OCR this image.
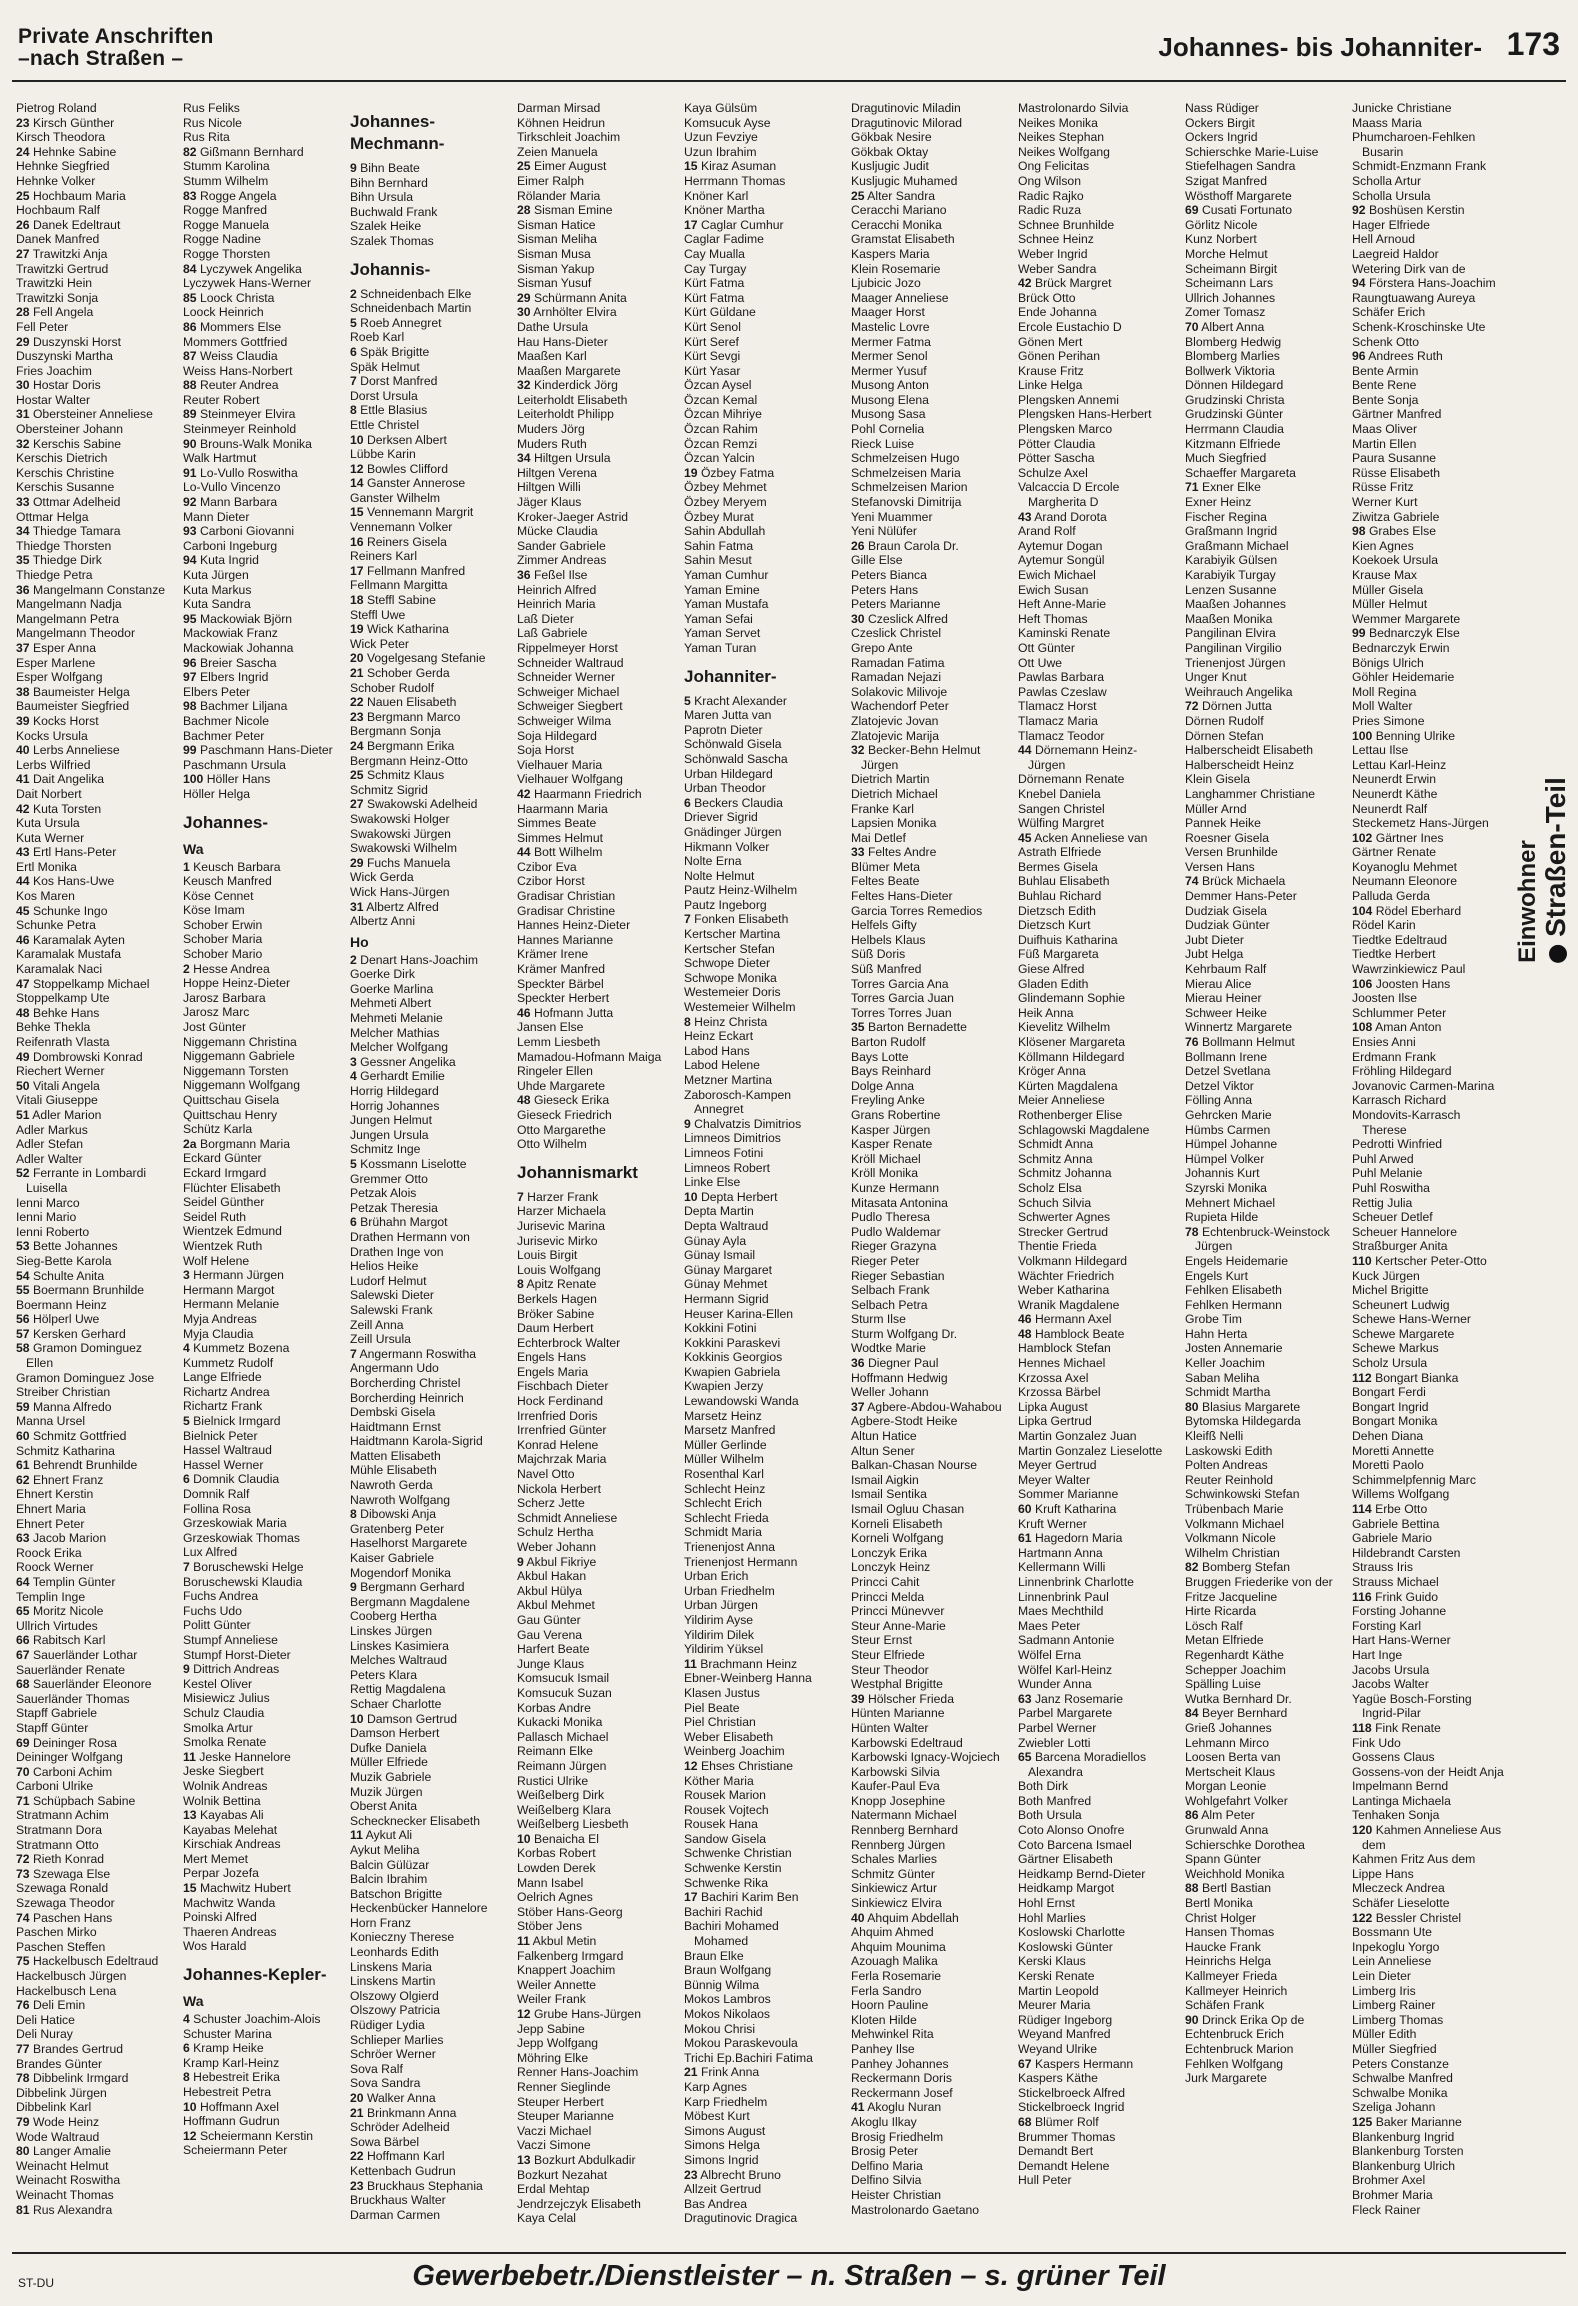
Private Anschriften
–nach Straßen –	Johannes- bis Johanniter- 173
Pietrog Roland
23 Kirsch Günther
Kirsch Theodora
24 Hehnke Sabine
Hehnke Siegfried
Hehnke Volker
25 Hochbaum Maria
Hochbaum Ralf
26 Danek Edeltraut
Danek Manfred
27 Trawitzki Anja
Trawitzki Gertrud
Trawitzki Hein
Trawitzki Sonja
28 Fell Angela
Fell Peter
29 Duszynski Horst
Duszynski Martha
Fries Joachim
30 Hostar Doris
Hostar Walter
31 Obersteiner Anneliese
Obersteiner Johann
32 Kerschis Sabine
Kerschis Dietrich
Kerschis Christine
Kerschis Susanne
33 Ottmar Adelheid
Ottmar Helga
34 Thiedge Tamara
Thiedge Thorsten
35 Thiedge Dirk
Thiedge Petra
36 Mangelmann Constanze
Mangelmann Nadja
Mangelmann Petra
Mangelmann Theodor
37 Esper Anna
Esper Marlene
Esper Wolfgang
38 Baumeister Helga
Baumeister Siegfried
39 Kocks Horst
Kocks Ursula
40 Lerbs Anneliese
Lerbs Wilfried
41 Dait Angelika
Dait Norbert
42 Kuta Torsten
Kuta Ursula
Kuta Werner
43 Ertl Hans-Peter
Ertl Monika
44 Kos Hans-Uwe
Kos Maren
45 Schunke Ingo
Schunke Petra
46 Karamalak Ayten
Karamalak Mustafa
Karamalak Naci
47 Stoppelkamp Michael
Stoppelkamp Ute
48 Behke Hans
Behke Thekla
Reifenrath Vlasta
49 Dombrowski Konrad
Riechert Werner
50 Vitali Angela
Vitali Giuseppe
51 Adler Marion
Adler Markus
Adler Stefan
Adler Walter
52 Ferrante in Lombardi
Luisella
Ienni Marco
Ienni Mario
Ienni Roberto
53 Bette Johannes
Sieg-Bette Karola
54 Schulte Anita
55 Boermann Brunhilde
Boermann Heinz
56 Hölperl Uwe
57 Kersken Gerhard
58 Gramon Dominguez
Ellen
Gramon Dominguez Jose
Streiber Christian
59 Manna Alfredo
Manna Ursel
60 Schmitz Gottfried
Schmitz Katharina
61 Behrendt Brunhilde
62 Ehnert Franz
Ehnert Kerstin
Ehnert Maria
Ehnert Peter
63 Jacob Marion
Roock Erika
Roock Werner
64 Templin Günter
Templin Inge
65 Moritz Nicole
Ullrich Virtudes
66 Rabitsch Karl
67 Sauerländer Lothar
Sauerländer Renate
68 Sauerländer Eleonore
Sauerländer Thomas
Stapff Gabriele
Stapff Günter
69 Deininger Rosa
Deininger Wolfgang
70 Carboni Achim
Carboni Ulrike
71 Schüpbach Sabine
Stratmann Achim
Stratmann Dora
Stratmann Otto
72 Rieth Konrad
73 Szewaga Else
Szewaga Ronald
Szewaga Theodor
74 Paschen Hans
Paschen Mirko
Paschen Steffen
75 Hackelbusch Edeltraud
Hackelbusch Jürgen
Hackelbusch Lena
76 Deli Emin
Deli Hatice
Deli Nuray
77 Brandes Gertrud
Brandes Günter
78 Dibbelink Irmgard
Dibbelink Jürgen
Dibbelink Karl
79 Wode Heinz
Wode Waltraud
80 Langer Amalie
Weinacht Helmut
Weinacht Roswitha
Weinacht Thomas
81 Rus Alexandra
Rus Feliks
Rus Nicole
Rus Rita
82 Gißmann Bernhard
Stumm Karolina
Stumm Wilhelm
83 Rogge Angela
Rogge Manfred
Rogge Manuela
Rogge Nadine
Rogge Thorsten
84 Lyczywek Angelika
Lyczywek Hans-Werner
85 Loock Christa
Loock Heinrich
86 Mommers Else
Mommers Gottfried
87 Weiss Claudia
Weiss Hans-Norbert
88 Reuter Andrea
Reuter Robert
89 Steinmeyer Elvira
Steinmeyer Reinhold
90 Brouns-Walk Monika
Walk Hartmut
91 Lo-Vullo Roswitha
Lo-Vullo Vincenzo
92 Mann Barbara
Mann Dieter
93 Carboni Giovanni
Carboni Ingeburg
94 Kuta Ingrid
Kuta Jürgen
Kuta Markus
Kuta Sandra
95 Mackowiak Björn
Mackowiak Franz
Mackowiak Johanna
96 Breier Sascha
97 Elbers Ingrid
Elbers Peter
98 Bachmer Liljana
Bachmer Nicole
Bachmer Peter
99 Paschmann Hans-Dieter
Paschmann Ursula
100 Höller Hans
Höller Helga
Johannes-
Wa
1 Keusch Barbara
Keusch Manfred
Köse Cennet
Köse Imam
Schober Erwin
Schober Maria
Schober Mario
2 Hesse Andrea
Hoppe Heinz-Dieter
Jarosz Barbara
Jarosz Marc
Jost Günter
Niggemann Christina
Niggemann Gabriele
Niggemann Torsten
Niggemann Wolfgang
Quittschau Gisela
Quittschau Henry
Schütz Karla
2a Borgmann Maria
Eckard Günter
Eckard Irmgard
Flüchter Elisabeth
Seidel Günther
Seidel Ruth
Wientzek Edmund
Wientzek Ruth
Wolf Helene
3 Hermann Jürgen
Hermann Margot
Hermann Melanie
Myja Andreas
Myja Claudia
4 Kummetz Bozena
Kummetz Rudolf
Lange Elfriede
Richartz Andrea
Richartz Frank
5 Bielnick Irmgard
Bielnick Peter
Hassel Waltraud
Hassel Werner
6 Domnik Claudia
Domnik Ralf
Follina Rosa
Grzeskowiak Maria
Grzeskowiak Thomas
Lux Alfred
7 Boruschewski Helge
Boruschewski Klaudia
Fuchs Andrea
Fuchs Udo
Politt Günter
Stumpf Anneliese
Stumpf Horst-Dieter
9 Dittrich Andreas
Kestel Oliver
Misiewicz Julius
Schulz Claudia
Smolka Artur
Smolka Renate
11 Jeske Hannelore
Jeske Siegbert
Wolnik Andreas
Wolnik Bettina
13 Kayabas Ali
Kayabas Melehat
Kirschiak Andreas
Mert Memet
Perpar Jozefa
15 Machwitz Hubert
Machwitz Wanda
Poinski Alfred
Thaeren Andreas
Wos Harald
Johannes-Kepler-
Wa
4 Schuster Joachim-Alois
Schuster Marina
6 Kramp Heike
Kramp Karl-Heinz
8 Hebestreit Erika
Hebestreit Petra
10 Hoffmann Axel
Hoffmann Gudrun
12 Scheiermann Kerstin
Scheiermann Peter
Johannes-Mechmann-
9 Bihn Beate
Bihn Bernhard
Bihn Ursula
Buchwald Frank
Szalek Heike
Szalek Thomas
Johannis-
2 Schneidenbach Elke
Schneidenbach Martin
5 Roeb Annegret
Roeb Karl
6 Späk Brigitte
Späk Helmut
7 Dorst Manfred
Dorst Ursula
8 Ettle Blasius
Ettle Christel
10 Derksen Albert
Lübbe Karin
12 Bowles Clifford
14 Ganster Annerose
Ganster Wilhelm
15 Vennemann Margrit
Vennemann Volker
16 Reiners Gisela
Reiners Karl
17 Fellmann Manfred
Fellmann Margitta
18 Steffl Sabine
Steffl Uwe
19 Wick Katharina
Wick Peter
20 Vogelgesang Stefanie
21 Schober Gerda
Schober Rudolf
22 Nauen Elisabeth
23 Bergmann Marco
Bergmann Sonja
24 Bergmann Erika
Bergmann Heinz-Otto
25 Schmitz Klaus
Schmitz Sigrid
27 Swakowski Adelheid
Swakowski Holger
Swakowski Jürgen
Swakowski Wilhelm
29 Fuchs Manuela
Wick Gerda
Wick Hans-Jürgen
31 Albertz Alfred
Albertz Anni
Ho
2 Denart Hans-Joachim
Goerke Dirk
Goerke Marlina
Mehmeti Albert
Mehmeti Melanie
Melcher Mathias
Melcher Wolfgang
3 Gessner Angelika
4 Gerhardt Emilie
Horrig Hildegard
Horrig Johannes
Jungen Helmut
Jungen Ursula
Schmitz Inge
5 Kossmann Liselotte
Gremmer Otto
Petzak Alois
Petzak Theresia
6 Brühahn Margot
Drathen Hermann von
Drathen Inge von
Helios Heike
Ludorf Helmut
Salewski Dieter
Salewski Frank
Zeill Anna
Zeill Ursula
7 Angermann Roswitha
Angermann Udo
Borcherding Christel
Borcherding Heinrich
Dembski Gisela
Haidtmann Ernst
Haidtmann Karola-Sigrid
Matten Elisabeth
Mühle Elisabeth
Nawroth Gerda
Nawroth Wolfgang
8 Dibowski Anja
Gratenberg Peter
Haselhorst Margarete
Kaiser Gabriele
Mogendorf Monika
9 Bergmann Gerhard
Bergmann Magdalene
Cooberg Hertha
Linskes Jürgen
Linskes Kasimiera
Melches Waltraud
Peters Klara
Rettig Magdalena
Schaer Charlotte
10 Damson Gertrud
Damson Herbert
Dufke Daniela
Müller Elfriede
Muzik Gabriele
Muzik Jürgen
Oberst Anita
Schecknecker Elisabeth
11 Aykut Ali
Aykut Meliha
Balcin Gülüzar
Balcin Ibrahim
Batschon Brigitte
Heckenbücker Hannelore
Horn Franz
Konieczny Therese
Leonhards Edith
Linskens Maria
Linskens Martin
Olszowy Olgierd
Olszowy Patricia
Rüdiger Lydia
Schlieper Marlies
Schröer Werner
Sova Ralf
Sova Sandra
20 Walker Anna
21 Brinkmann Anna
Schröder Adelheid
Sowa Bärbel
22 Hoffmann Karl
Kettenbach Gudrun
23 Bruckhaus Stephania
Bruckhaus Walter
Darman Carmen
Darman Mirsad
Köhnen Heidrun
Tirkschleit Joachim
Zeien Manuela
25 Eimer August
Eimer Ralph
Rölander Maria
28 Sisman Emine
Sisman Hatice
Sisman Meliha
Sisman Musa
Sisman Yakup
Sisman Yusuf
29 Schürmann Anita
30 Arnhölter Elvira
Dathe Ursula
Hau Hans-Dieter
Maaßen Karl
Maaßen Margarete
32 Kinderdick Jörg
Leiterholdt Elisabeth
Leiterholdt Philipp
Muders Jörg
Muders Ruth
34 Hiltgen Ursula
Hiltgen Verena
Hiltgen Willi
Jäger Klaus
Kroker-Jaeger Astrid
Mücke Claudia
Sander Gabriele
Zimmer Andreas
36 Feßel Ilse
Heinrich Alfred
Heinrich Maria
Laß Dieter
Laß Gabriele
Rippelmeyer Horst
Schneider Waltraud
Schneider Werner
Schweiger Michael
Schweiger Siegbert
Schweiger Wilma
Soja Hildegard
Soja Horst
Vielhauer Maria
Vielhauer Wolfgang
42 Haarmann Friedrich
Haarmann Maria
Simmes Beate
Simmes Helmut
44 Bott Wilhelm
Czibor Eva
Czibor Horst
Gradisar Christian
Gradisar Christine
Hannes Heinz-Dieter
Hannes Marianne
Krämer Irene
Krämer Manfred
Speckter Bärbel
Speckter Herbert
46 Hofmann Jutta
Jansen Else
Lemm Liesbeth
Mamadou-Hofmann Maiga
Ringeler Ellen
Uhde Margarete
48 Gieseck Erika
Gieseck Friedrich
Otto Margarethe
Otto Wilhelm
Johannismarkt
7 Harzer Frank
Harzer Michaela
Jurisevic Marina
Jurisevic Mirko
Louis Birgit
Louis Wolfgang
8 Apitz Renate
Berkels Hagen
Bröker Sabine
Daum Herbert
Echterbrock Walter
Engels Hans
Engels Maria
Fischbach Dieter
Hock Ferdinand
Irrenfried Doris
Irrenfried Günter
Konrad Helene
Majchrzak Maria
Navel Otto
Nickola Herbert
Scherz Jette
Schmidt Anneliese
Schulz Hertha
Weber Johann
9 Akbul Fikriye
Akbul Hakan
Akbul Hülya
Akbul Mehmet
Gau Günter
Gau Verena
Harfert Beate
Junge Klaus
Komsucuk Ismail
Komsucuk Suzan
Korbas Andre
Kukacki Monika
Pallasch Michael
Reimann Elke
Reimann Jürgen
Rustici Ulrike
Weißelberg Dirk
Weißelberg Klara
Weißelberg Liesbeth
10 Benaicha El
Korbas Robert
Lowden Derek
Mann Isabel
Oelrich Agnes
Stöber Hans-Georg
Stöber Jens
11 Akbul Metin
Falkenberg Irmgard
Knappert Joachim
Weiler Annette
Weiler Frank
12 Grube Hans-Jürgen
Jepp Sabine
Jepp Wolfgang
Möhring Elke
Renner Hans-Joachim
Renner Sieglinde
Steuper Herbert
Steuper Marianne
Vaczi Michael
Vaczi Simone
13 Bozkurt Abdulkadir
Bozkurt Nezahat
Erdal Mehtap
Jendrzejczyk Elisabeth
Kaya Celal
Kaya Gülsüm
Komsucuk Ayse
Uzun Fevziye
Uzun Ibrahim
15 Kiraz Asuman
Herrmann Thomas
Knöner Karl
Knöner Martha
17 Caglar Cumhur
Caglar Fadime
Cay Mualla
Cay Turgay
Kürt Fatma
Kürt Fatma
Kürt Güldane
Kürt Senol
Kürt Seref
Kürt Sevgi
Kürt Yasar
Özcan Aysel
Özcan Kemal
Özcan Mihriye
Özcan Rahim
Özcan Remzi
Özcan Yalcin
19 Özbey Fatma
Özbey Mehmet
Özbey Meryem
Özbey Murat
Sahin Abdullah
Sahin Fatma
Sahin Mesut
Yaman Cumhur
Yaman Emine
Yaman Mustafa
Yaman Sefai
Yaman Servet
Yaman Turan
Johanniter-
5 Kracht Alexander
Maren Jutta van
Paprotn Dieter
Schönwald Gisela
Schönwald Sascha
Urban Hildegard
Urban Theodor
6 Beckers Claudia
Driever Sigrid
Gnädinger Jürgen
Hikmann Volker
Nolte Erna
Nolte Helmut
Pautz Heinz-Wilhelm
Pautz Ingeborg
7 Fonken Elisabeth
Kertscher Martina
Kertscher Stefan
Schwope Dieter
Schwope Monika
Westemeier Doris
Westemeier Wilhelm
8 Heinz Christa
Heinz Eckart
Labod Hans
Labod Helene
Metzner Martina
Zaborosch-Kampen
Annegret
9 Chalvatzis Dimitrios
Limneos Dimitrios
Limneos Fotini
Limneos Robert
Linke Else
10 Depta Herbert
Depta Martin
Depta Waltraud
Günay Ayla
Günay Ismail
Günay Margaret
Günay Mehmet
Hermann Sigrid
Heuser Karina-Ellen
Kokkini Fotini
Kokkini Paraskevi
Kokkinis Georgios
Kwapien Gabriela
Kwapien Jerzy
Lewandowski Wanda
Marsetz Heinz
Marsetz Manfred
Müller Gerlinde
Müller Wilhelm
Rosenthal Karl
Schlecht Heinz
Schlecht Erich
Schlecht Frieda
Schmidt Maria
Trienenjost Anna
Trienenjost Hermann
Urban Erich
Urban Friedhelm
Urban Jürgen
Yildirim Ayse
Yildirim Dilek
Yildirim Yüksel
11 Brachmann Heinz
Ebner-Weinberg Hanna
Klasen Justus
Piel Beate
Piel Christian
Weber Elisabeth
Weinberg Joachim
12 Ehses Christiane
Köther Maria
Rousek Marion
Rousek Vojtech
Rousek Hana
Sandow Gisela
Schwenke Christian
Schwenke Kerstin
Schwenke Rika
17 Bachiri Karim Ben
Bachiri Rachid
Bachiri Mohamed
Mohamed
Braun Elke
Braun Wolfgang
Bünnig Wilma
Mokos Lambros
Mokos Nikolaos
Mokou Chrisi
Mokou Paraskevoula
Trichi Ep.Bachiri Fatima
21 Frink Anna
Karp Agnes
Karp Friedhelm
Möbest Kurt
Simons August
Simons Helga
Simons Ingrid
23 Albrecht Bruno
Allzeit Gertrud
Bas Andrea
Dragutinovic Dragica
Dragutinovic Miladin
Dragutinovic Milorad
Gökbak Nesire
Gökbak Oktay
Kusljugic Judit
Kusljugic Muhamed
25 Alter Sandra
Ceracchi Mariano
Ceracchi Monika
Gramstat Elisabeth
Kaspers Maria
Klein Rosemarie
Ljubicic Jozo
Maager Anneliese
Maager Horst
Mastelic Lovre
Mermer Fatma
Mermer Senol
Mermer Yusuf
Musong Anton
Musong Elena
Musong Sasa
Pohl Cornelia
Rieck Luise
Schmelzeisen Hugo
Schmelzeisen Maria
Schmelzeisen Marion
Stefanovski Dimitrija
Yeni Muammer
Yeni Nülüfer
26 Braun Carola Dr.
Gille Else
Peters Bianca
Peters Hans
Peters Marianne
30 Czeslick Alfred
Czeslick Christel
Grepo Ante
Ramadan Fatima
Ramadan Nejazi
Solakovic Milivoje
Wachendorf Peter
Zlatojevic Jovan
Zlatojevic Marija
32 Becker-Behn Helmut
Jürgen
Dietrich Martin
Dietrich Michael
Franke Karl
Lapsien Monika
Mai Detlef
33 Feltes Andre
Blümer Meta
Feltes Beate
Feltes Hans-Dieter
Garcia Torres Remedios
Helfels Gifty
Helbels Klaus
Süß Doris
Süß Manfred
Torres Garcia Ana
Torres Garcia Juan
Torres Torres Juan
35 Barton Bernadette
Barton Rudolf
Bays Lotte
Bays Reinhard
Dolge Anna
Freyling Anke
Grans Robertine
Kasper Jürgen
Kasper Renate
Kröll Michael
Kröll Monika
Kunze Hermann
Mitasata Antonina
Pudlo Theresa
Pudlo Waldemar
Rieger Grazyna
Rieger Peter
Rieger Sebastian
Selbach Frank
Selbach Petra
Sturm Ilse
Sturm Wolfgang Dr.
Wodtke Marie
36 Diegner Paul
Hoffmann Hedwig
Weller Johann
37 Agbere-Abdou-Wahabou
Agbere-Stodt Heike
Altun Hatice
Altun Sener
Balkan-Chasan Nourse
Ismail Aigkin
Ismail Sentika
Ismail Ogluu Chasan
Korneli Elisabeth
Korneli Wolfgang
Lonczyk Erika
Lonczyk Heinz
Princci Cahit
Princci Melda
Princci Münevver
Steur Anne-Marie
Steur Ernst
Steur Elfriede
Steur Theodor
Westphal Brigitte
39 Hölscher Frieda
Hünten Marianne
Hünten Walter
Karbowski Edeltraud
Karbowski Ignacy-Wojciech
Karbowski Silvia
Kaufer-Paul Eva
Knopp Josephine
Natermann Michael
Rennberg Bernhard
Rennberg Jürgen
Schales Marlies
Schmitz Günter
Sinkiewicz Artur
Sinkiewicz Elvira
40 Ahquim Abdellah
Ahquim Ahmed
Ahquim Mounima
Azouagh Malika
Ferla Rosemarie
Ferla Sandro
Hoorn Pauline
Kloten Hilde
Mehwinkel Rita
Panhey Ilse
Panhey Johannes
Reckermann Doris
Reckermann Josef
41 Akoglu Nuran
Akoglu Ilkay
Brosig Friedhelm
Brosig Peter
Delfino Maria
Delfino Silvia
Heister Christian
Mastrolonardo Gaetano
Mastrolonardo Silvia
Neikes Monika
Neikes Stephan
Neikes Wolfgang
Ong Felicitas
Ong Wilson
Radic Rajko
Radic Ruza
Schnee Brunhilde
Schnee Heinz
Weber Ingrid
Weber Sandra
42 Brück Margret
Brück Otto
Ende Johanna
Ercole Eustachio D
Gönen Mert
Gönen Perihan
Krause Fritz
Linke Helga
Plengsken Annemi
Plengsken Hans-Herbert
Plengsken Marco
Pötter Claudia
Pötter Sascha
Schulze Axel
Valcaccia D Ercole
Margherita D
43 Arand Dorota
Arand Rolf
Aytemur Dogan
Aytemur Songül
Ewich Michael
Ewich Susan
Heft Anne-Marie
Heft Thomas
Kaminski Renate
Ott Günter
Ott Uwe
Pawlas Barbara
Pawlas Czeslaw
Tlamacz Horst
Tlamacz Maria
Tlamacz Teodor
44 Dörnemann Heinz-
Jürgen
Dörnemann Renate
Knebel Daniela
Sangen Christel
Wülfing Margret
45 Acken Anneliese van
Astrath Elfriede
Bermes Gisela
Buhlau Elisabeth
Buhlau Richard
Dietzsch Edith
Dietzsch Kurt
Duifhuis Katharina
Füß Margareta
Giese Alfred
Gladen Edith
Glindemann Sophie
Heik Anna
Kievelitz Wilhelm
Klösener Margareta
Köllmann Hildegard
Kröger Anna
Kürten Magdalena
Meier Anneliese
Rothenberger Elise
Schlagowski Magdalene
Schmidt Anna
Schmitz Anna
Schmitz Johanna
Scholz Elsa
Schuch Silvia
Schwerter Agnes
Strecker Gertrud
Thentie Frieda
Volkmann Hildegard
Wächter Friedrich
Weber Katharina
Wranik Magdalene
46 Hermann Axel
48 Hamblock Beate
Hamblock Stefan
Hennes Michael
Krzossa Axel
Krzossa Bärbel
Lipka August
Lipka Gertrud
Martin Gonzalez Juan
Martin Gonzalez Lieselotte
Meyer Gertrud
Meyer Walter
Sommer Marianne
60 Kruft Katharina
Kruft Werner
61 Hagedorn Maria
Hartmann Anna
Kellermann Willi
Linnenbrink Charlotte
Linnenbrink Paul
Maes Mechthild
Maes Peter
Sadmann Antonie
Wölfel Erna
Wölfel Karl-Heinz
Wunder Anna
63 Janz Rosemarie
Parbel Margarete
Parbel Werner
Zwiebler Lotti
65 Barcena Moradiellos
Alexandra
Both Dirk
Both Manfred
Both Ursula
Coto Alonso Onofre
Coto Barcena Ismael
Gärtner Elisabeth
Heidkamp Bernd-Dieter
Heidkamp Margot
Hohl Ernst
Hohl Marlies
Koslowski Charlotte
Koslowski Günter
Kerski Klaus
Kerski Renate
Martin Leopold
Meurer Maria
Rüdiger Ingeborg
Weyand Manfred
Weyand Ulrike
67 Kaspers Hermann
Kaspers Käthe
Stickelbroeck Alfred
Stickelbroeck Ingrid
68 Blümer Rolf
Brummer Thomas
Demandt Bert
Demandt Helene
Hull Peter
Nass Rüdiger
Ockers Birgit
Ockers Ingrid
Schierschke Marie-Luise
Stiefelhagen Sandra
Szigat Manfred
Wösthoff Margarete
69 Cusati Fortunato
Görlitz Nicole
Kunz Norbert
Morche Helmut
Scheimann Birgit
Scheimann Lars
Ullrich Johannes
Zomer Tomasz
70 Albert Anna
Blomberg Hedwig
Blomberg Marlies
Bollwerk Viktoria
Dönnen Hildegard
Grudzinski Christa
Grudzinski Günter
Herrmann Claudia
Kitzmann Elfriede
Much Siegfried
Schaeffer Margareta
71 Exner Elke
Exner Heinz
Fischer Regina
Graßmann Ingrid
Graßmann Michael
Karabiyik Gülsen
Karabiyik Turgay
Lenzen Susanne
Maaßen Johannes
Maaßen Monika
Pangilinan Elvira
Pangilinan Virgilio
Trienenjost Jürgen
Unger Knut
Weihrauch Angelika
72 Dörnen Jutta
Dörnen Rudolf
Dörnen Stefan
Halberscheidt Elisabeth
Halberscheidt Heinz
Klein Gisela
Langhammer Christiane
Müller Arnd
Pannek Heike
Roesner Gisela
Versen Brunhilde
Versen Hans
74 Brück Michaela
Demmer Hans-Peter
Dudziak Gisela
Dudziak Günter
Jubt Dieter
Jubt Helga
Kehrbaum Ralf
Mierau Alice
Mierau Heiner
Schweer Heike
Winnertz Margarete
76 Bollmann Helmut
Bollmann Irene
Detzel Svetlana
Detzel Viktor
Fölling Anna
Gehrcken Marie
Hümbs Carmen
Hümpel Johanne
Hümpel Volker
Johannis Kurt
Szyrski Monika
Mehnert Michael
Rupieta Hilde
78 Echtenbruck-Weinstock
Jürgen
Engels Heidemarie
Engels Kurt
Fehlken Elisabeth
Fehlken Hermann
Grobe Tim
Hahn Herta
Josten Annemarie
Keller Joachim
Saban Meliha
Schmidt Martha
80 Blasius Margarete
Bytomska Hildegarda
Kleifß Nelli
Laskowski Edith
Polten Andreas
Reuter Reinhold
Schwinkowski Stefan
Trübenbach Marie
Volkmann Michael
Volkmann Nicole
Wilhelm Christian
82 Bomberg Stefan
Bruggen Friederike von der
Fritze Jacqueline
Hirte Ricarda
Lösch Ralf
Metan Elfriede
Regenhardt Käthe
Schepper Joachim
Spälling Luise
Wutka Bernhard Dr.
84 Beyer Bernhard
Grieß Johannes
Lehmann Mirco
Loosen Berta van
Mertscheit Klaus
Morgan Leonie
Wohlgefahrt Volker
86 Alm Peter
Grunwald Anna
Schierschke Dorothea
Spann Günter
Weichhold Monika
88 Bertl Bastian
Bertl Monika
Christ Holger
Hansen Thomas
Haucke Frank
Heinrichs Helga
Kallmeyer Frieda
Kallmeyer Heinrich
Schäfen Frank
90 Drinck Erika Op de
Echtenbruck Erich
Echtenbruck Marion
Fehlken Wolfgang
Jurk Margarete
Junicke Christiane
Maass Maria
Phumcharoen-Fehlken
Busarin
Schmidt-Enzmann Frank
Scholla Artur
Scholla Ursula
92 Boshüsen Kerstin
Hager Elfriede
Hell Arnoud
Laegreid Haldor
Wetering Dirk van de
94 Förstera Hans-Joachim
Raungtuawang Aureya
Schäfer Erich
Schenk-Kroschinske Ute
Schenk Otto
96 Andrees Ruth
Bente Armin
Bente Rene
Bente Sonja
Gärtner Manfred
Maas Oliver
Martin Ellen
Paura Susanne
Rüsse Elisabeth
Rüsse Fritz
Werner Kurt
Ziwitza Gabriele
98 Grabes Else
Kien Agnes
Koekoek Ursula
Krause Max
Müller Gisela
Müller Helmut
Wemmer Margarete
99 Bednarczyk Else
Bednarczyk Erwin
Bönigs Ulrich
Göhler Heidemarie
Moll Regina
Moll Walter
Pries Simone
100 Benning Ulrike
Lettau Ilse
Lettau Karl-Heinz
Neunerdt Erwin
Neunerdt Käthe
Neunerdt Ralf
Steckemetz Hans-Jürgen
102 Gärtner Ines
Gärtner Renate
Koyanoglu Mehmet
Neumann Eleonore
Palluda Gerda
104 Rödel Eberhard
Rödel Karin
Tiedtke Edeltraud
Tiedtke Herbert
Wawrzinkiewicz Paul
106 Joosten Hans
Joosten Ilse
Schlummer Peter
108 Aman Anton
Ensies Anni
Erdmann Frank
Fröhling Hildegard
Jovanovic Carmen-Marina
Karrasch Richard
Mondovits-Karrasch
Therese
Pedrotti Winfried
Puhl Arwed
Puhl Melanie
Puhl Roswitha
Rettig Julia
Scheuer Detlef
Scheuer Hannelore
Straßburger Anita
110 Kertscher Peter-Otto
Kuck Jürgen
Michel Brigitte
Scheunert Ludwig
Schewe Hans-Werner
Schewe Margarete
Schewe Markus
Scholz Ursula
112 Bongart Bianka
Bongart Ferdi
Bongart Ingrid
Bongart Monika
Dehen Diana
Moretti Annette
Moretti Paolo
Schimmelpfennig Marc
Willems Wolfgang
114 Erbe Otto
Gabriele Bettina
Gabriele Mario
Hildebrandt Carsten
Strauss Iris
Strauss Michael
116 Frink Guido
Forsting Johanne
Forsting Karl
Hart Hans-Werner
Hart Inge
Jacobs Ursula
Jacobs Walter
Yagüe Bosch-Forsting
Ingrid-Pilar
118 Fink Renate
Fink Udo
Gossens Claus
Gossens-von der Heidt Anja
Impelmann Bernd
Lantinga Michaela
Tenhaken Sonja
120 Kahmen Anneliese Aus
dem
Kahmen Fritz Aus dem
Lippe Hans
Mleczeck Andrea
Schäfer Lieselotte
122 Bessler Christel
Bossmann Ute
Inpekoglu Yorgo
Lein Anneliese
Lein Dieter
Limberg Iris
Limberg Rainer
Limberg Thomas
Müller Edith
Müller Siegfried
Peters Constanze
Schwalbe Manfred
Schwalbe Monika
Szeliga Johann
125 Baker Marianne
Blankenburg Ingrid
Blankenburg Torsten
Blankenburg Ulrich
Brohmer Axel
Brohmer Maria
Fleck Rainer
Einwohner Straßen-Teil
ST-DU	Gewerbebetr./Dienstleister – n. Straßen – s. grüner Teil
